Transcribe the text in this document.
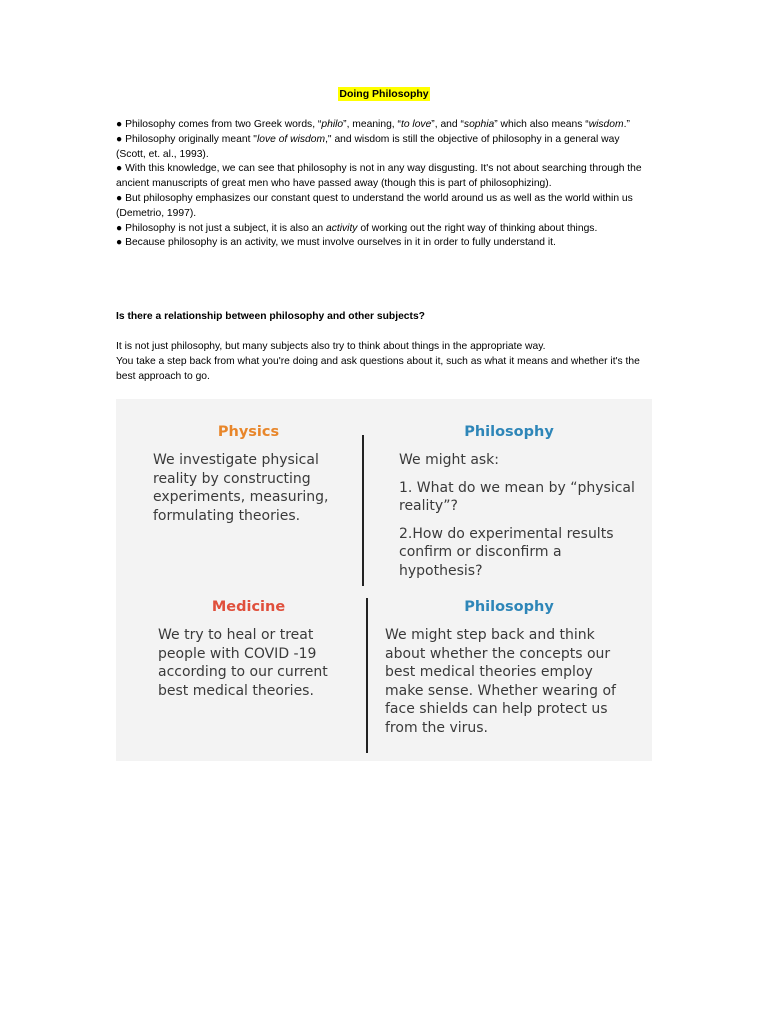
Doing Philosophy

● Philosophy comes from two Greek words, “philo”, meaning, “to love”, and “sophia” which also means “wisdom.”

● Philosophy originally meant "love of wisdom," and wisdom is still the objective of philosophy in a general way (Scott, et. al., 1993).

● With this knowledge, we can see that philosophy is not in any way disgusting. It's not about searching through the ancient manuscripts of great men who have passed away (though this is part of philosophizing).

● But philosophy emphasizes our constant quest to understand the world around us as well as the world within us (Demetrio, 1997).

● Philosophy is not just a subject, it is also an activity of working out the right way of thinking about things.

● Because philosophy is an activity, we must involve ourselves in it in order to fully understand it.

Is there a relationship between philosophy and other subjects?

It is not just philosophy, but many subjects also try to think about things in the appropriate way.

You take a step back from what you're doing and ask questions about it, such as what it means and whether it's the best approach to go.

Physics
We investigate physical reality by constructing experiments, measuring, formulating theories.
Philosophy

We might ask:

1. What do we mean by “physical reality”?

2.How do experimental results confirm or disconfirm a hypothesis?

Medicine
We try to heal or treat people with COVID -19 according to our current best medical theories.
Philosophy
We might step back and think about whether the concepts our best medical theories employ make sense. Whether wearing of face shields can help protect us from the virus.
